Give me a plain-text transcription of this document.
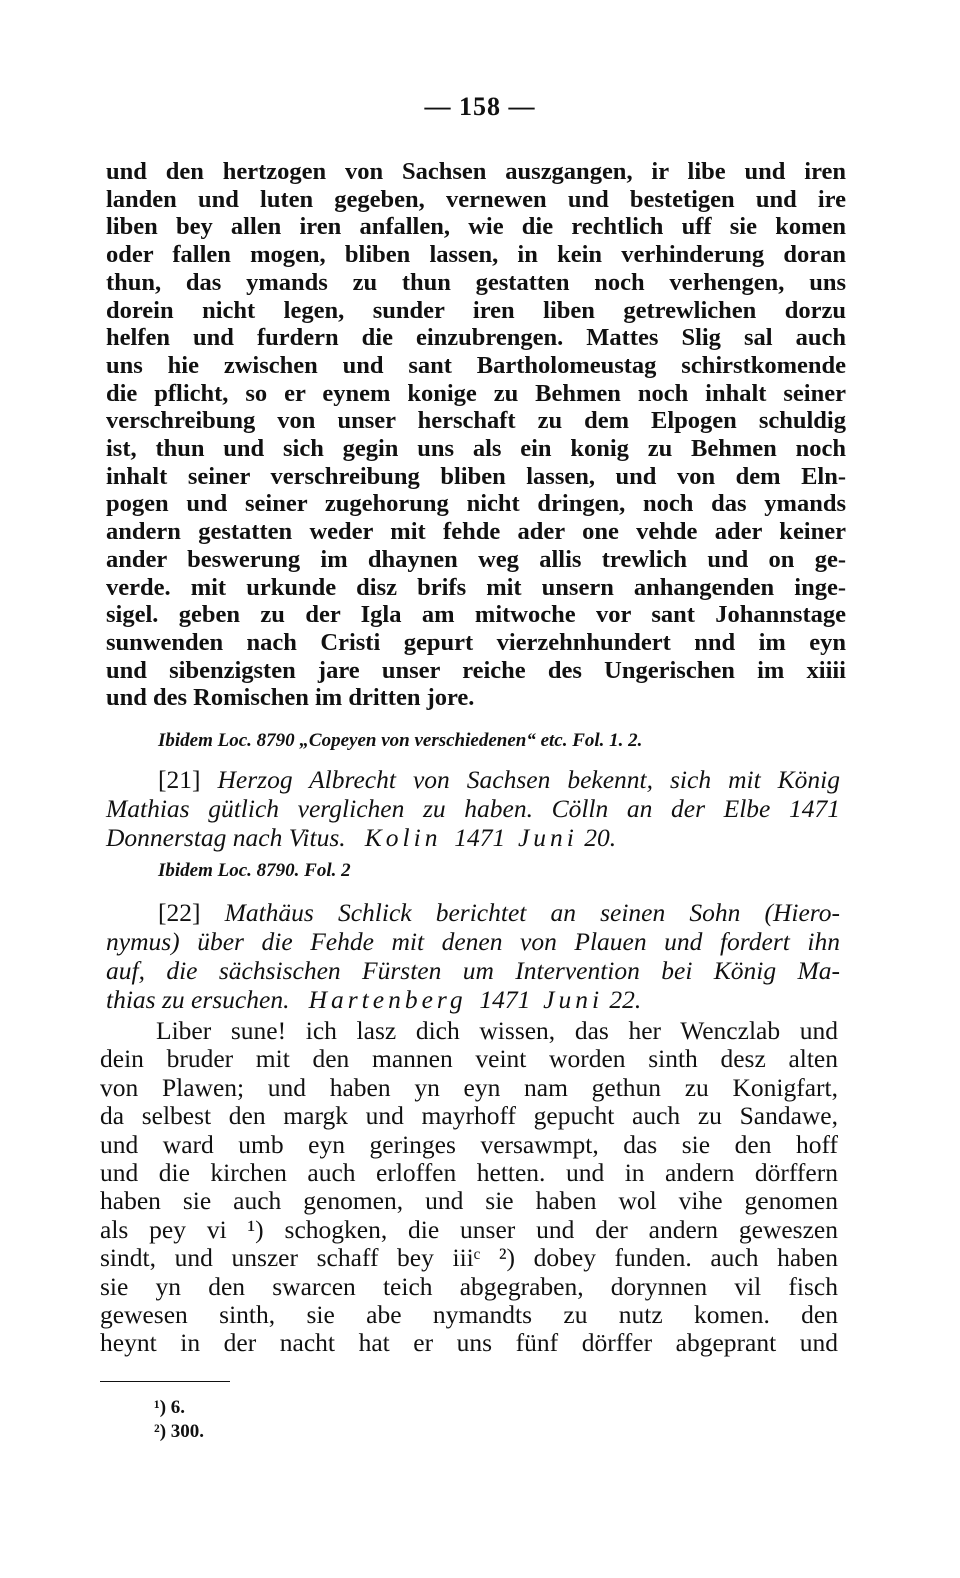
— 158 —
und den hertzogen von Sachsen auszgangen, ir libe und iren
landen und luten gegeben, vernewen und bestetigen und ire
liben bey allen iren anfallen, wie die rechtlich uff sie komen
oder fallen mogen, bliben lassen, in kein verhinderung doran
thun, das ymands zu thun gestatten noch verhengen, uns
dorein nicht legen, sunder iren liben getrewlichen dorzu
helfen und furdern die einzubrengen. Mattes Slig sal auch
uns hie zwischen und sant Bartholomeustag schirstkomende
die pflicht, so er eynem konige zu Behmen noch inhalt seiner
verschreibung von unser herschaft zu dem Elpogen schuldig
ist, thun und sich gegin uns als ein konig zu Behmen noch
inhalt seiner verschreibung bliben lassen, und von dem Eln-
pogen und seiner zugehorung nicht dringen, noch das ymands
andern gestatten weder mit fehde ader one vehde ader keiner
ander beswerung im dhaynen weg allis trewlich und on ge-
verde. mit urkunde disz brifs mit unsern anhangenden inge-
sigel. geben zu der Igla am mitwoche vor sant Johannstage
sunwenden nach Cristi gepurt vierzehnhundert nnd im eyn
und sibenzigsten jare unser reiche des Ungerischen im xiiii
und des Romischen im dritten jore.
Ibidem Loc. 8790 „Copeyen von verschiedenen“ etc. Fol. 1. 2.
[21] Herzog Albrecht von Sachsen bekennt, sich mit König
Mathias gütlich verglichen zu haben. Cölln an der Elbe 1471
Donnerstag nach Vitus. Kolin 1471 Juni 20.
Ibidem Loc. 8790. Fol. 2
[22] Mathäus Schlick berichtet an seinen Sohn (Hiero-
nymus) über die Fehde mit denen von Plauen und fordert ihn
auf, die sächsischen Fürsten um Intervention bei König Ma-
thias zu ersuchen. Hartenberg 1471 Juni 22.
Liber sune! ich lasz dich wissen, das her Wenczlab und
dein bruder mit den mannen veint worden sinth desz alten
von Plawen; und haben yn eyn nam gethun zu Konigfart,
da selbest den margk und mayrhoff gepucht auch zu Sandawe,
und ward umb eyn geringes versawmpt, das sie den hoff
und die kirchen auch erloffen hetten. und in andern dörffern
haben sie auch genomen, und sie haben wol vihe genomen
als pey vi ¹) schogken, die unser und der andern geweszen
sindt, und unszer schaff bey iiiᶜ ²) dobey funden. auch haben
sie yn den swarcen teich abgegraben, dorynnen vil fisch
gewesen sinth, sie abe nymandts zu nutz komen. den
heynt in der nacht hat er uns fünf dörffer abgeprant und
¹) 6.
²) 300.
